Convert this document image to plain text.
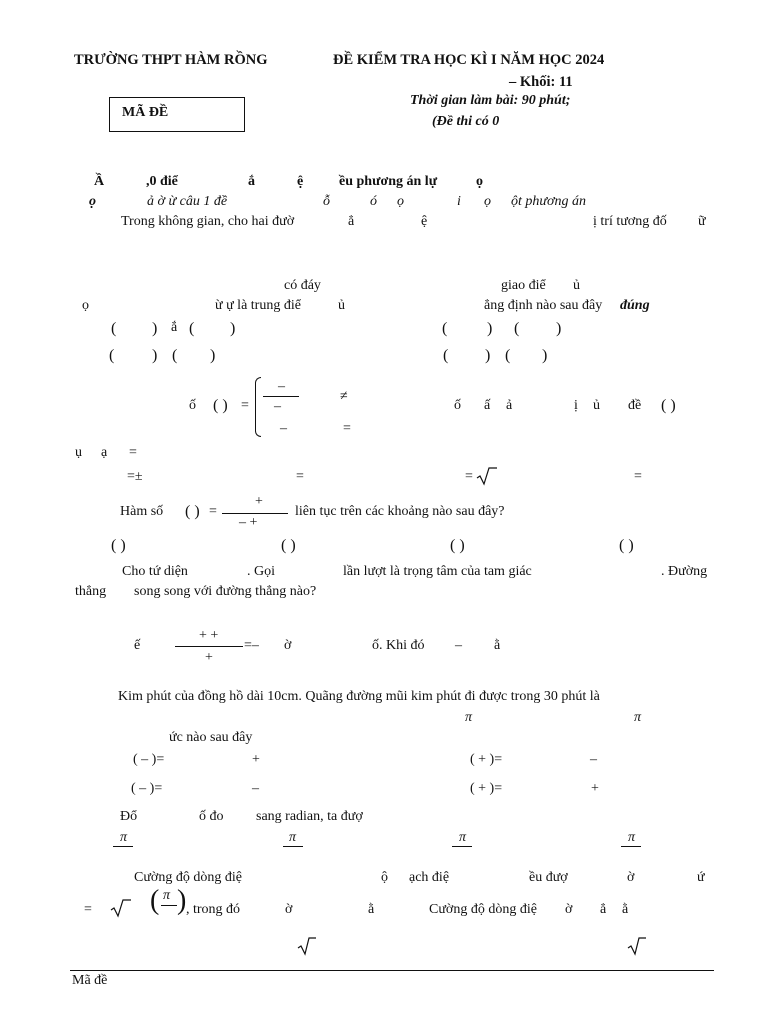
TRƯỜNG THPT HÀM RỒNG	ĐỀ KIỂM TRA HỌC KÌ I NĂM HỌC 2024
– Khối: 11
Thời gian làm bài: 90 phút;
(Đề thi có 0
MÃ ĐỀ
Ầ	,0 điể	ắ	ệ	ều phương án lự	ọ
ọ	ả ờ ừ câu 1 đề	ỗ	ó ọ	i ọ ột phương án
Trong không gian, cho hai đườ	ẳ	ệ	ị trí tương đố ữ
có đáy	giao điể ủ
ọ	ừ ự là trung điể	ủ	ẳng định nào sau đây đúng
( ) ắ ( )	( ) ( )
( ) ( )	( ) ( )
ố ( ) =
–
–
–
≠
=
ố ấ ả	ị ủ đề ( )
ụ ạ =
=±	=	=	=
Hàm số ( ) =
+
– +
liên tục trên các khoảng nào sau đây?
( )	( )	( )	( )
Cho tứ diện	. Gọi	lần lượt là trọng tâm của tam giác	. Đường
thẳng song song với đường thẳng nào?
ế
+ +
+
=– ờ	ố. Khi đó – ằ
Kim phút của đồng hồ dài 10cm. Quãng đường mũi kim phút đi được trong 30 phút là
π	π
ức nào sau đây
( – )=	+	( + )=	–
( – )=	–	( + )=	+
Đổ	ố đo sang radian, ta đượ
π	π	π	π
Cường độ dòng điệ	ộ ạch điệ	ều đượ	ờ	ứ
= ( π ) , trong đó	ờ	ằ	Cường độ dòng điệ ờ ẳ ằ
Mã đề
